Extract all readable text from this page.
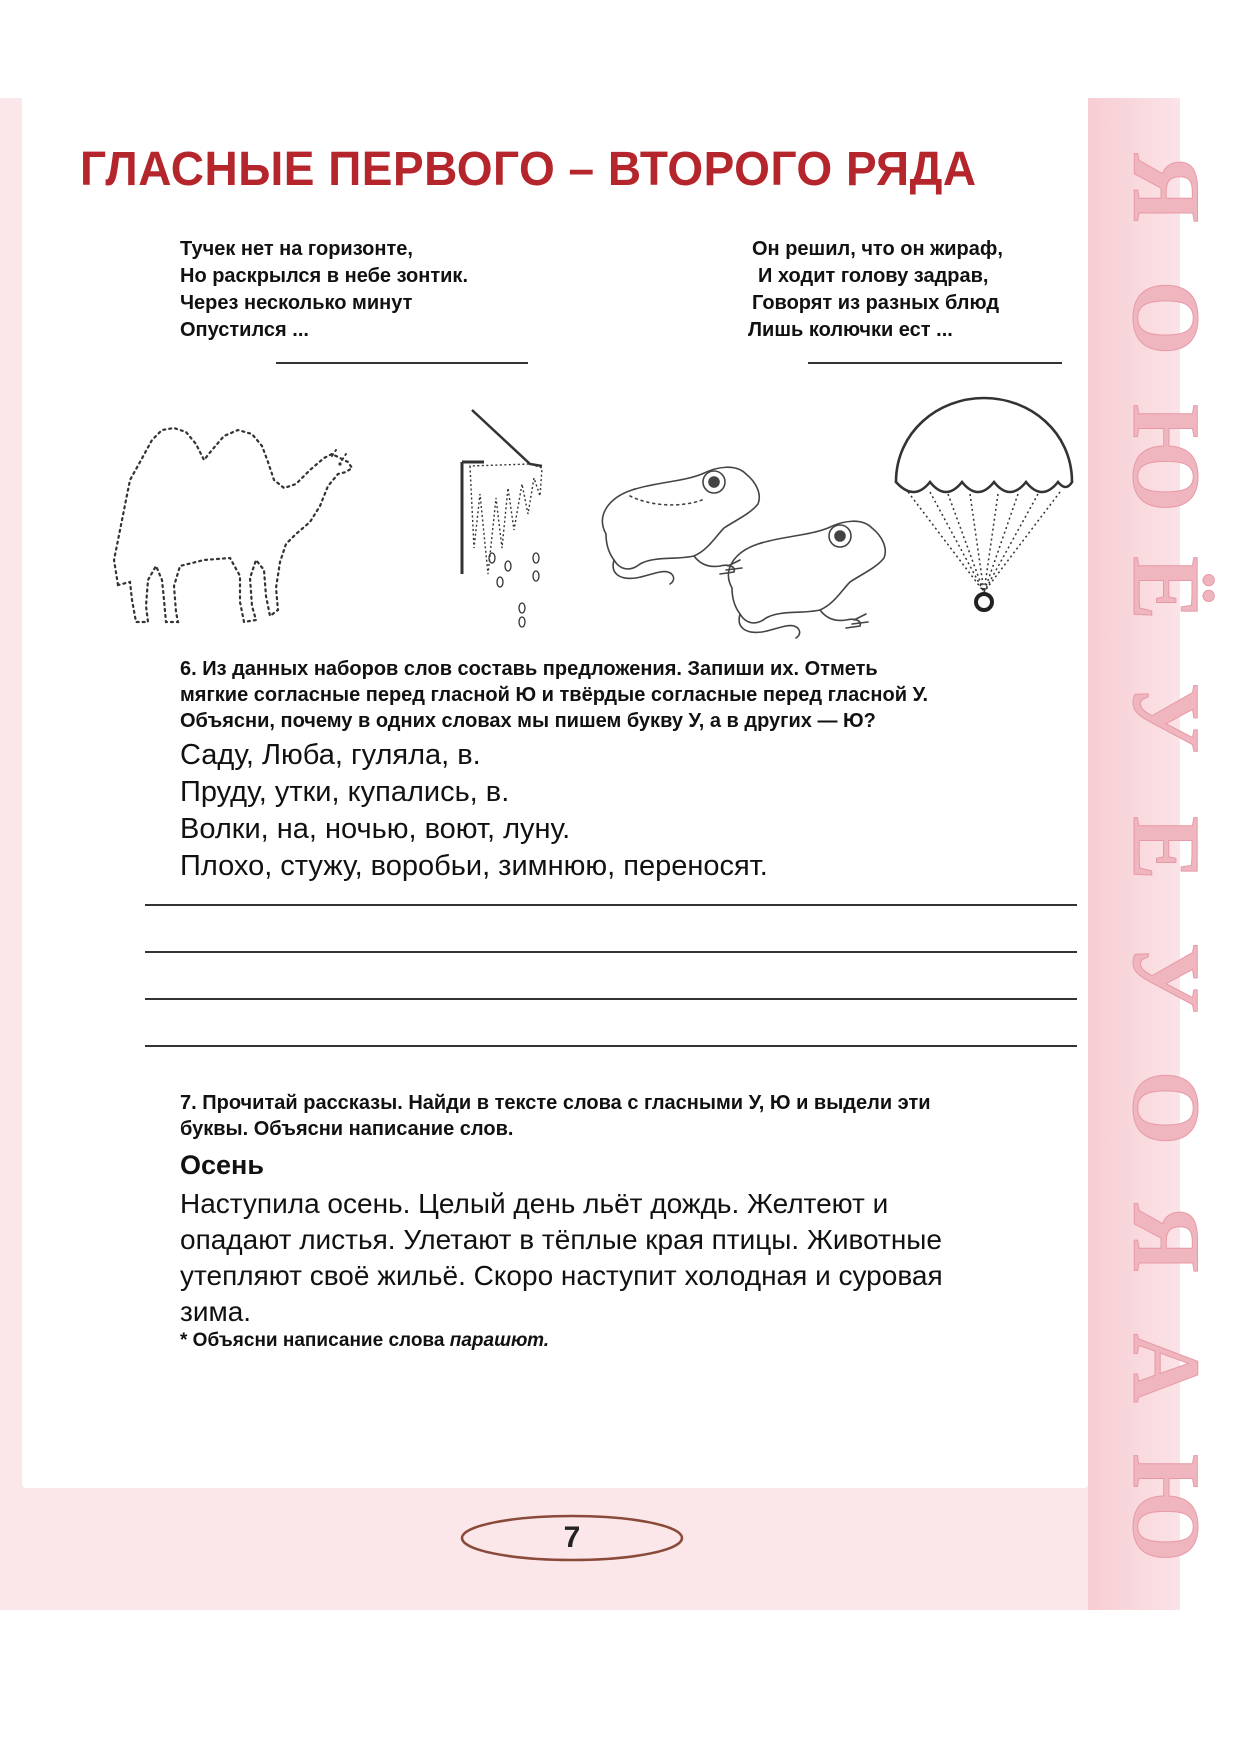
Я
О
Ю
Ё
У
Е
У
О
Я
А
Ю
ГЛАСНЫЕ ПЕРВОГО – ВТОРОГО РЯДА
Тучек нет на горизонте,
Но раскрылся в небе зонтик.
Через несколько минут
Опустился ...
Он решил, что он жираф,
И ходит голову задрав,
Говорят из разных блюд
Лишь колючки ест ...
6. Из данных наборов слов составь предложения. Запиши их. Отметь
мягкие согласные перед гласной Ю и твёрдые согласные перед гласной У.
Объясни, почему в одних словах мы пишем букву У, а в других — Ю?
Саду, Люба, гуляла, в.
Пруду, утки, купались, в.
Волки, на, ночью, воют, луну.
Плохо, стужу, воробьи, зимнюю, переносят.
7. Прочитай рассказы. Найди в тексте слова с гласными У, Ю и выдели эти
буквы. Объясни написание слов.
Осень
Наступила осень. Целый день льёт дождь. Желтеют и
опадают листья. Улетают в тёплые края птицы. Животные
утепляют своё жильё. Скоро наступит холодная и суровая
зима.
* Объясни написание слова парашют.
7
